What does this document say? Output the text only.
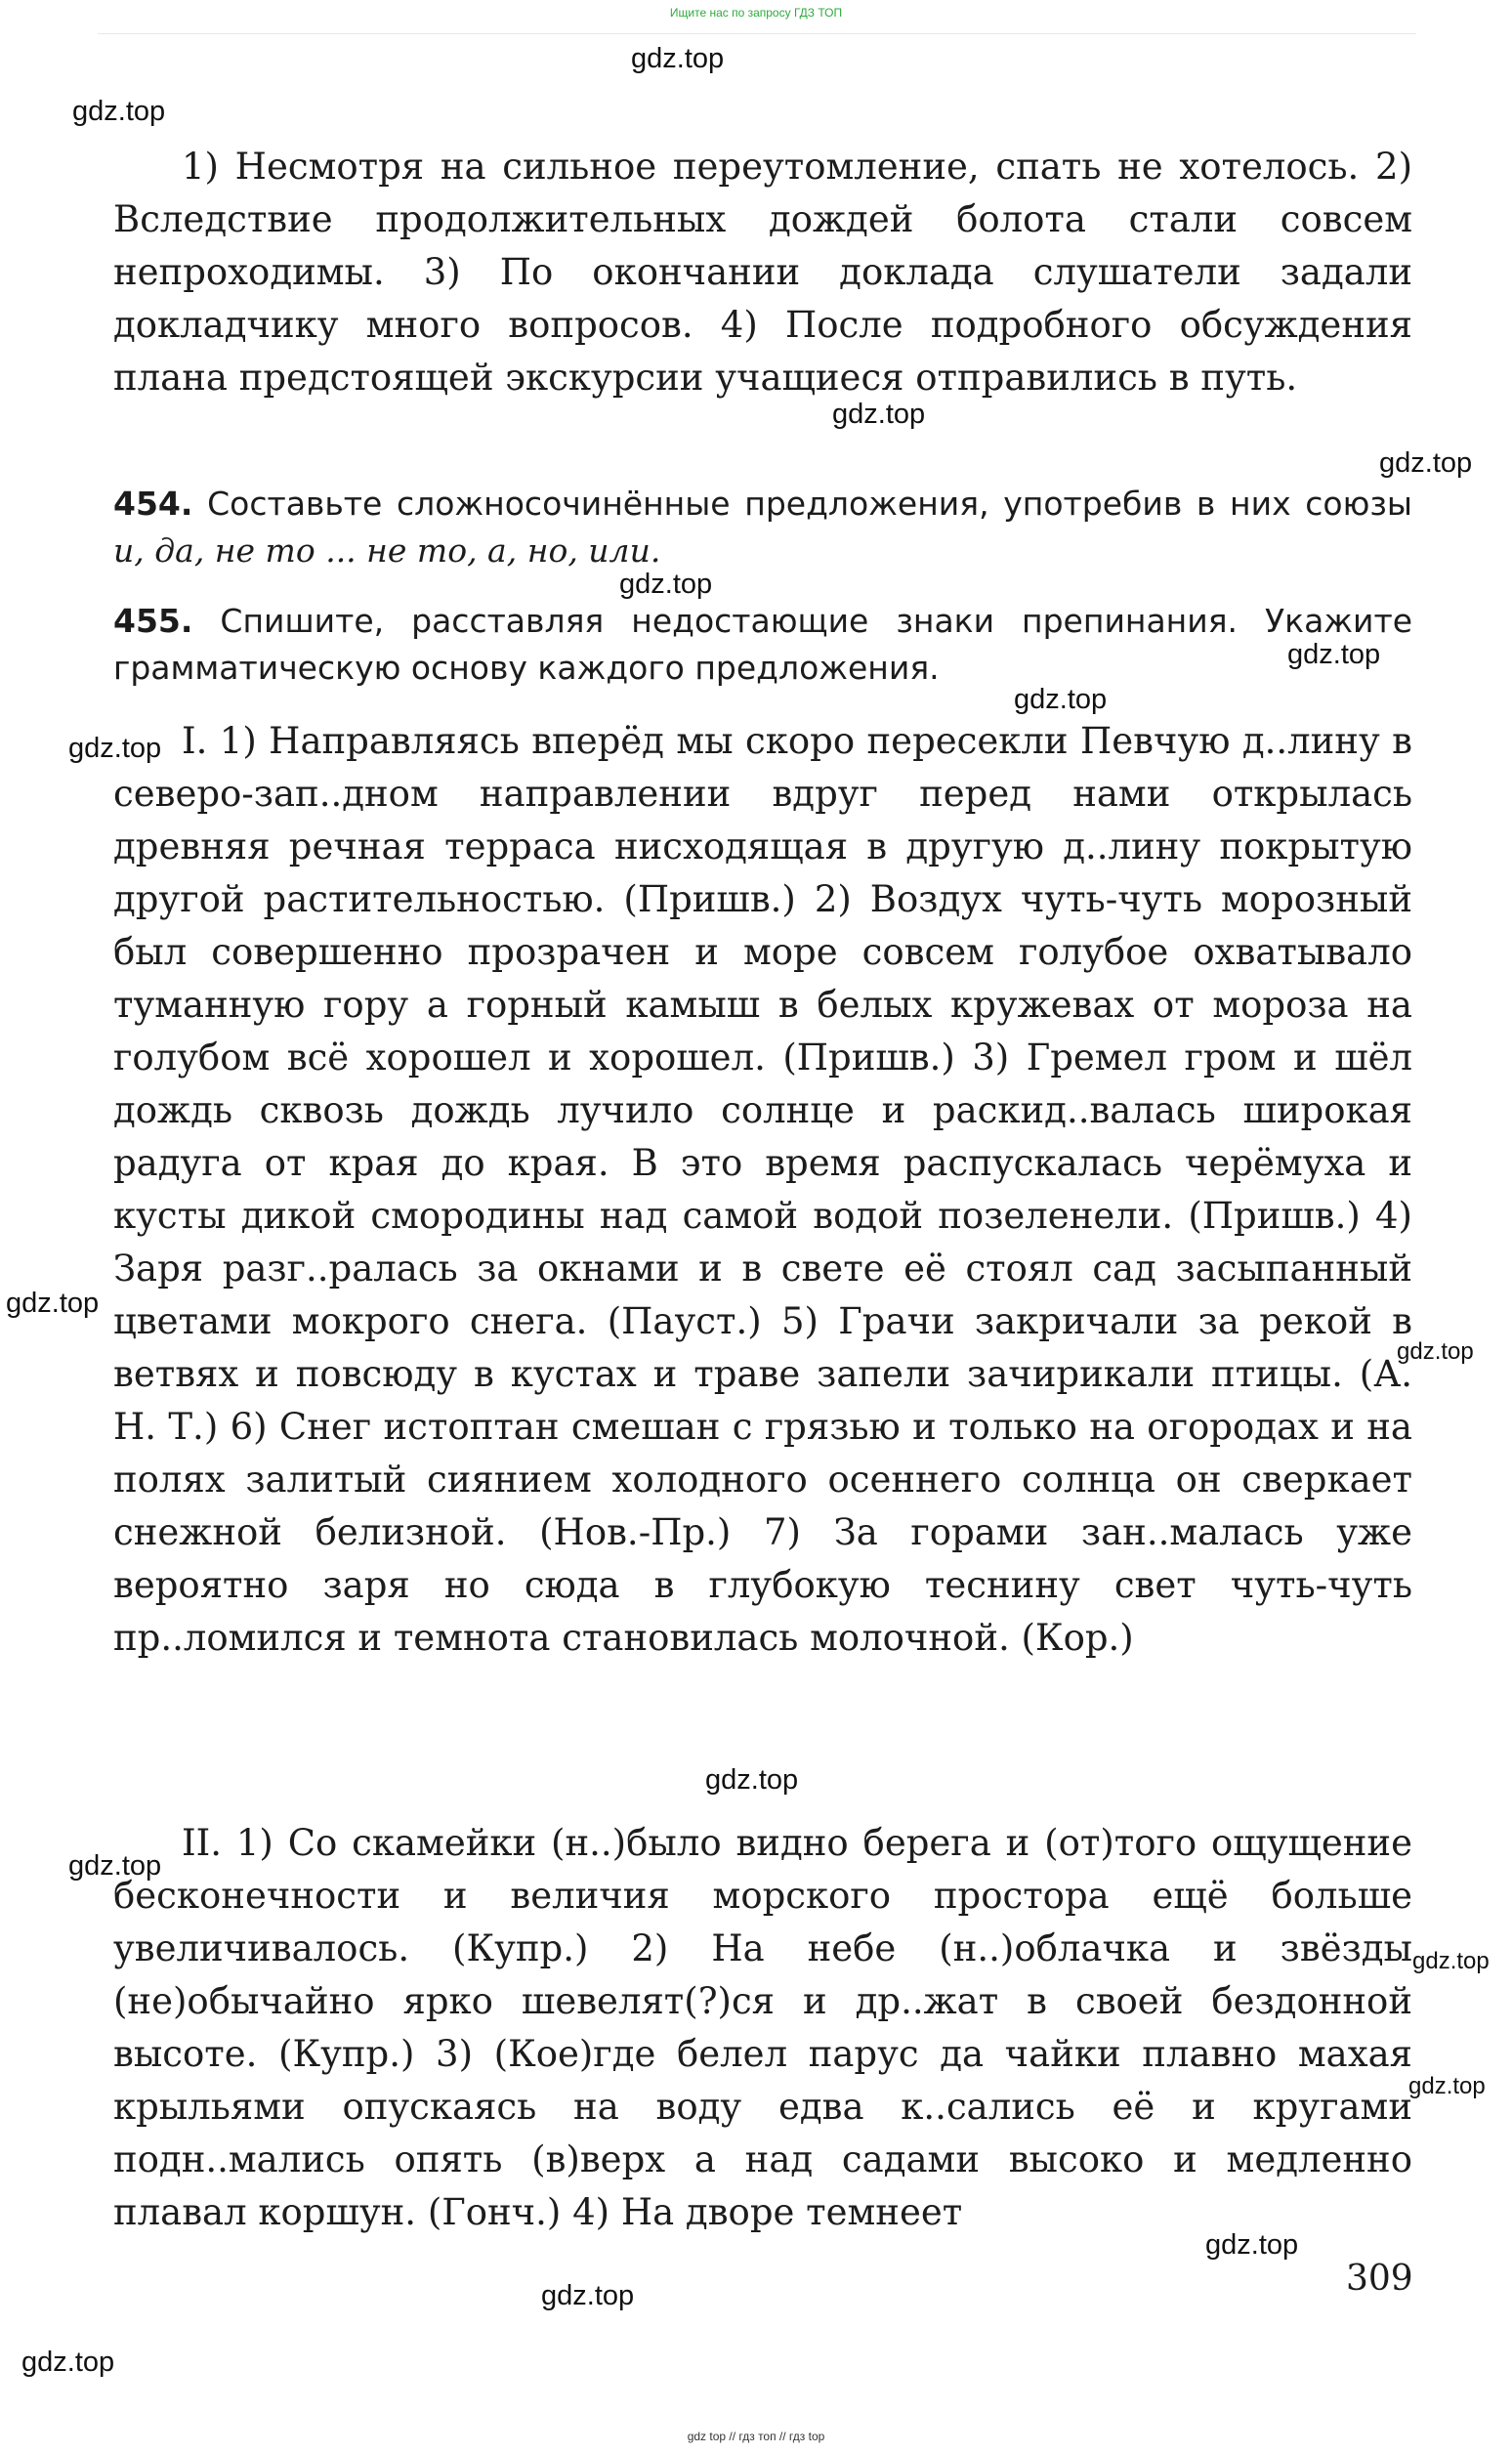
Ищите нас по запросу ГДЗ ТОП

1) Несмотря на сильное переутомление, спать не хотелось. 2) Вследствие продолжительных дождей болота стали совсем непроходимы. 3) По окончании доклада слушатели задали докладчику много вопросов. 4) После подробного обсуждения плана предстоящей экскурсии учащиеся отправились в путь.

454. Составьте сложносочинённые предложения, употребив в них союзы и, да, не то ... не то, а, но, или.

455. Спишите, расставляя недостающие знаки препинания. Укажите грамматическую основу каждого предложения.

I. 1) Направляясь вперёд мы скоро пересекли Певчую д..лину в северо-зап..дном направлении вдруг перед нами открылась древняя речная терраса нисходящая в другую д..лину покрытую другой растительностью. (Пришв.) 2) Воздух чуть-чуть морозный был совершенно прозрачен и море совсем голубое охватывало туманную гору а горный камыш в белых кружевах от мороза на голубом всё хорошел и хорошел. (Пришв.) 3) Гремел гром и шёл дождь сквозь дождь лучило солнце и раскид..валась широкая радуга от края до края. В это время распускалась черёмуха и кусты дикой смородины над самой водой позеленели. (Пришв.) 4) Заря разг..ралась за окнами и в свете её стоял сад засыпанный цветами мокрого снега. (Пауст.) 5) Грачи закричали за рекой в ветвях и повсюду в кустах и траве запели зачирикали птицы. (А. Н. Т.) 6) Снег истоптан смешан с грязью и только на огородах и на полях залитый сиянием холодного осеннего солнца он сверкает снежной белизной. (Нов.-Пр.) 7) За горами зан..малась уже вероятно заря но сюда в глубокую теснину свет чуть-чуть пр..ломился и темнота становилась молочной. (Кор.)

II. 1) Со скамейки (н..)было видно берега и (от)того ощущение бесконечности и величия морского простора ещё больше увеличивалось. (Купр.) 2) На небе (н..)облачка и звёзды (не)обычайно ярко шевелят(?)ся и др..жат в своей бездонной высоте. (Купр.) 3) (Кое)где белел парус да чайки плавно махая крыльями опускаясь на воду едва к..сались её и кругами подн..мались опять (в)верх а над садами высоко и медленно плавал коршун. (Гонч.) 4) На дворе темнеет

309
gdz.top
gdz.top
gdz.top
gdz.top
gdz.top
gdz.top
gdz.top
gdz.top
gdz.top
gdz.top
gdz.top
gdz.top
gdz.top
gdz.top
gdz.top
gdz.top
gdz.top
gdz top // гдз топ // гдз top
